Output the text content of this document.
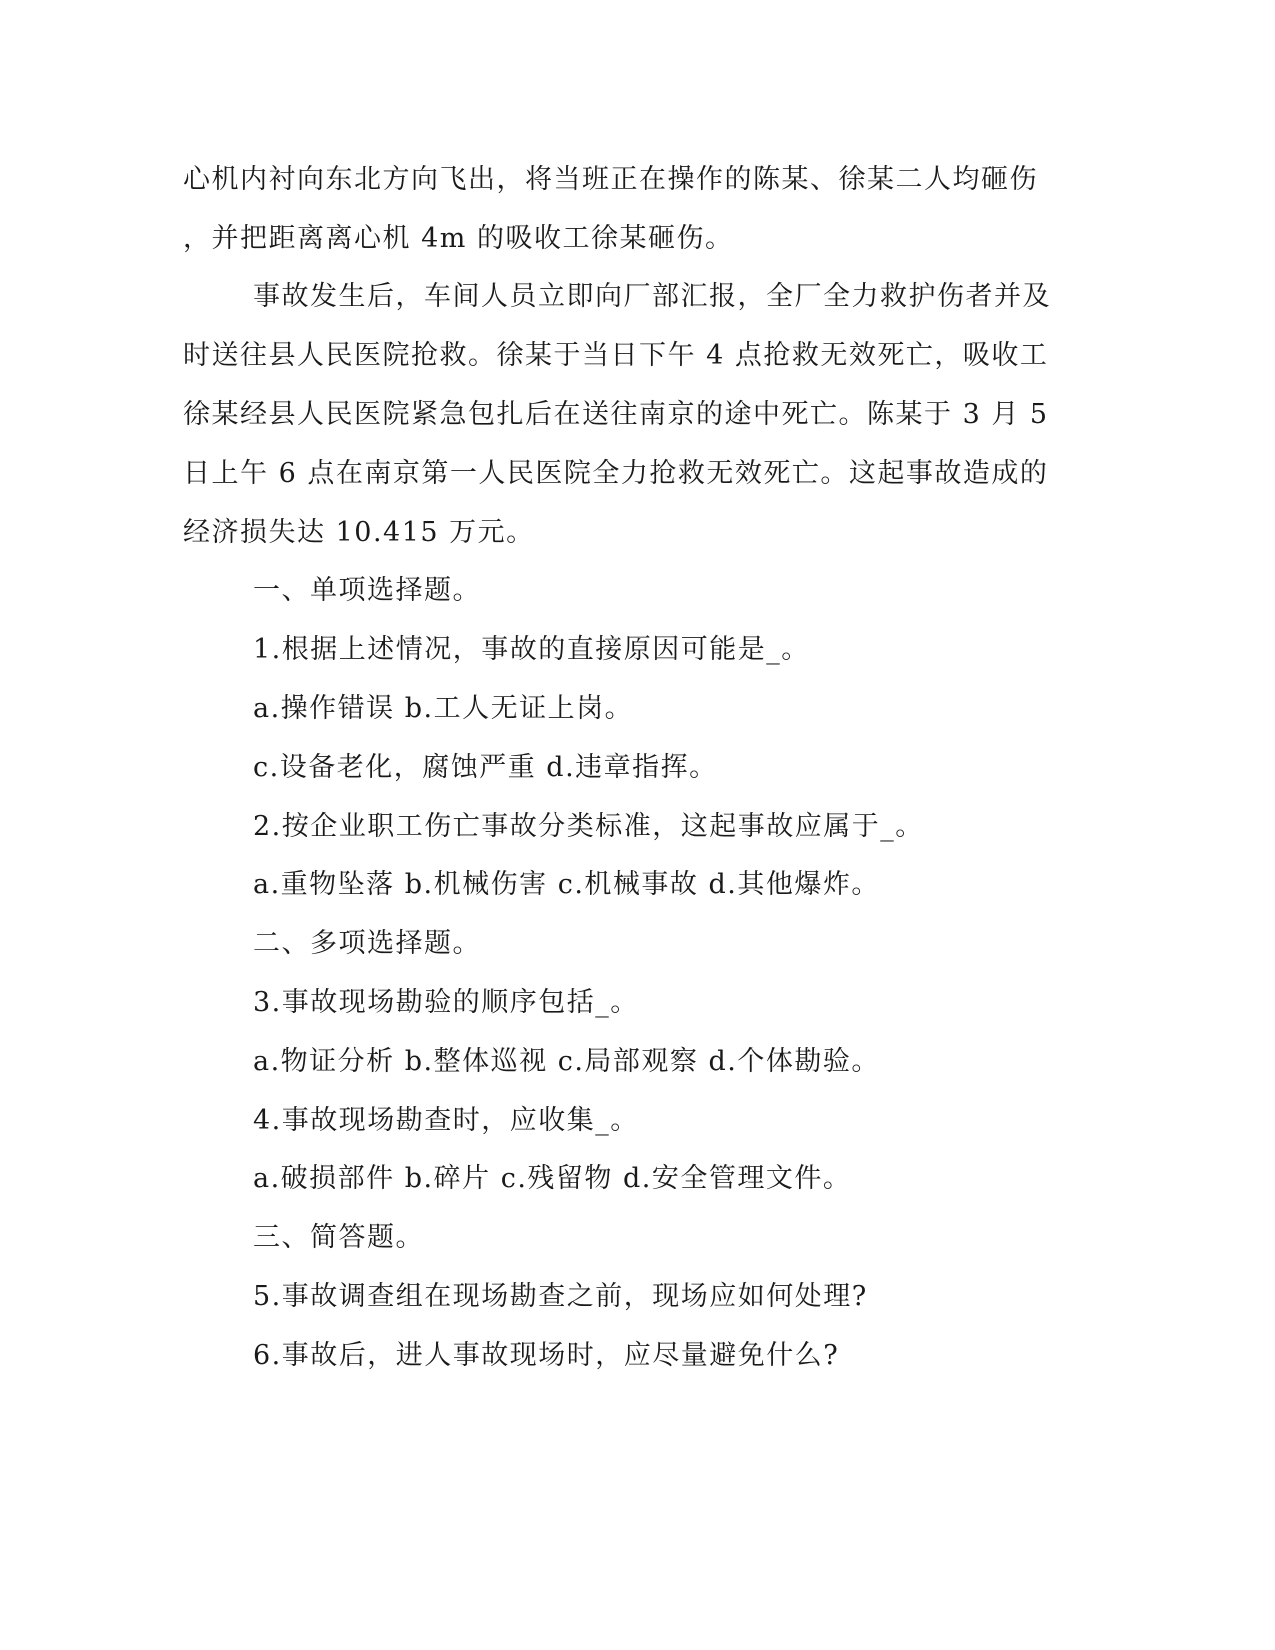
心机内衬向东北方向飞出，将当班正在操作的陈某、徐某二人均砸伤
，并把距离离心机 4m 的吸收工徐某砸伤。
事故发生后，车间人员立即向厂部汇报，全厂全力救护伤者并及
时送往县人民医院抢救。徐某于当日下午 4 点抢救无效死亡，吸收工
徐某经县人民医院紧急包扎后在送往南京的途中死亡。陈某于 3 月 5
日上午 6 点在南京第一人民医院全力抢救无效死亡。这起事故造成的
经济损失达 10.415 万元。
一、单项选择题。
1.根据上述情况，事故的直接原因可能是_。
a.操作错误 b.工人无证上岗。
c.设备老化，腐蚀严重 d.违章指挥。
2.按企业职工伤亡事故分类标准，这起事故应属于_。
a.重物坠落 b.机械伤害 c.机械事故 d.其他爆炸。
二、多项选择题。
3.事故现场勘验的顺序包括_。
a.物证分析 b.整体巡视 c.局部观察 d.个体勘验。
4.事故现场勘查时，应收集_。
a.破损部件 b.碎片 c.残留物 d.安全管理文件。
三、简答题。
5.事故调查组在现场勘查之前，现场应如何处理?
6.事故后，进人事故现场时，应尽量避免什么?
